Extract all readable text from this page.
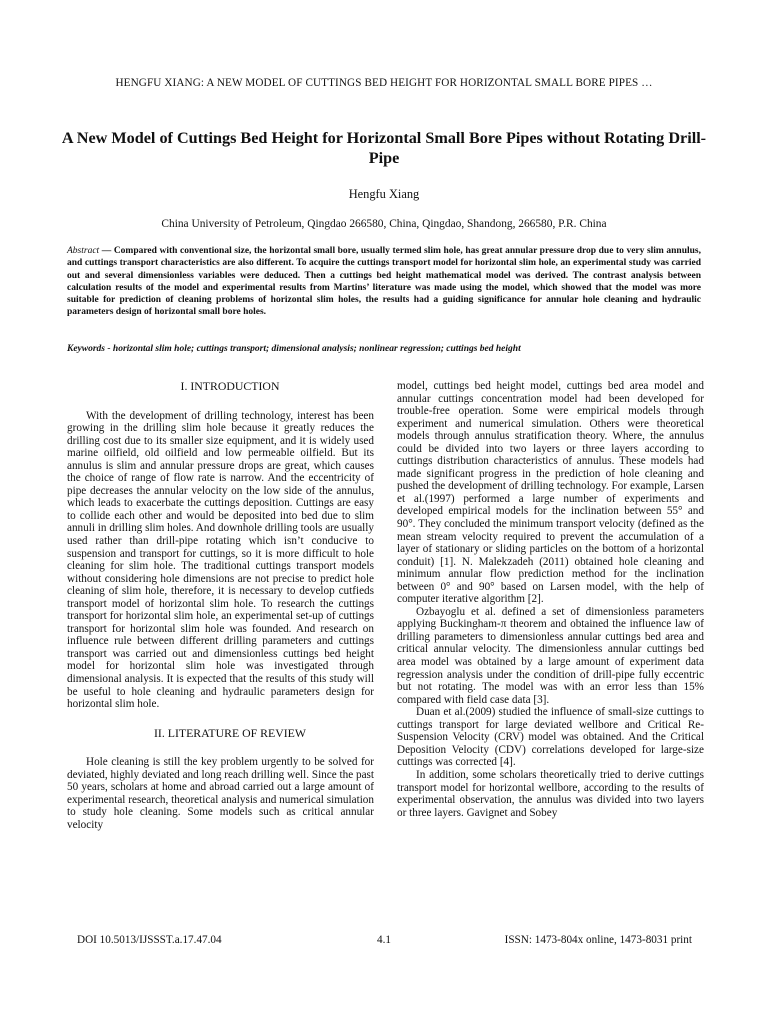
HENGFU XIANG: A NEW MODEL OF CUTTINGS BED HEIGHT FOR HORIZONTAL SMALL BORE PIPES …
A New Model of Cuttings Bed Height for Horizontal Small Bore Pipes without Rotating Drill-Pipe
Hengfu Xiang
China University of Petroleum, Qingdao 266580, China, Qingdao, Shandong, 266580, P.R. China
Abstract — Compared with conventional size, the horizontal small bore, usually termed slim hole, has great annular pressure drop due to very slim annulus, and cuttings transport characteristics are also different. To acquire the cuttings transport model for horizontal slim hole, an experimental study was carried out and several dimensionless variables were deduced. Then a cuttings bed height mathematical model was derived. The contrast analysis between calculation results of the model and experimental results from Martins’ literature was made using the model, which showed that the model was more suitable for prediction of cleaning problems of horizontal slim holes, the results had a guiding significance for annular hole cleaning and hydraulic parameters design of horizontal small bore holes.
Keywords - horizontal slim hole; cuttings transport; dimensional analysis; nonlinear regression; cuttings bed height

I. INTRODUCTION

With the development of drilling technology, interest has been growing in the drilling slim hole because it greatly reduces the drilling cost due to its smaller size equipment, and it is widely used marine oilfield, old oilfield and low permeable oilfield. But its annulus is slim and annular pressure drops are great, which causes the choice of range of flow rate is narrow. And the eccentricity of pipe decreases the annular velocity on the low side of the annulus, which leads to exacerbate the cuttings deposition. Cuttings are easy to collide each other and would be deposited into bed due to slim annuli in drilling slim holes. And downhole drilling tools are usually used rather than drill-pipe rotating which isn’t conducive to suspension and transport for cuttings, so it is more difficult to hole cleaning for slim hole. The traditional cuttings transport models without considering hole dimensions are not precise to predict hole cleaning of slim hole, therefore, it is necessary to develop cutfieds transport model of horizontal slim hole. To research the cuttings transport for horizontal slim hole, an experimental set-up of cuttings transport for horizontal slim hole was founded. And research on influence rule between different drilling parameters and cuttings transport was carried out and dimensionless cuttings bed height model for horizontal slim hole was investigated through dimensional analysis. It is expected that the results of this study will be useful to hole cleaning and hydraulic parameters design for horizontal slim hole.

II. LITERATURE OF REVIEW

Hole cleaning is still the key problem urgently to be solved for deviated, highly deviated and long reach drilling well. Since the past 50 years, scholars at home and abroad carried out a large amount of experimental research, theoretical analysis and numerical simulation to study hole cleaning. Some models such as critical annular velocity

model, cuttings bed height model, cuttings bed area model and annular cuttings concentration model had been developed for trouble-free operation. Some were empirical models through experiment and numerical simulation. Others were theoretical models through annulus stratification theory. Where, the annulus could be divided into two layers or three layers according to cuttings distribution characteristics of annulus. These models had made significant progress in the prediction of hole cleaning and pushed the development of drilling technology. For example, Larsen et al.(1997) performed a large number of experiments and developed empirical models for the inclination between 55° and 90°. They concluded the minimum transport velocity (defined as the mean stream velocity required to prevent the accumulation of a layer of stationary or sliding particles on the bottom of a horizontal conduit) [1]. N. Malekzadeh (2011) obtained hole cleaning and minimum annular flow prediction method for the inclination between 0° and 90° based on Larsen model, with the help of computer iterative algorithm [2].

Ozbayoglu et al. defined a set of dimensionless parameters applying Buckingham-π theorem and obtained the influence law of drilling parameters to dimensionless annular cuttings bed area and critical annular velocity. The dimensionless annular cuttings bed area model was obtained by a large amount of experiment data regression analysis under the condition of drill-pipe fully eccentric but not rotating. The model was with an error less than 15% compared with field case data [3].

Duan et al.(2009) studied the influence of small-size cuttings to cuttings transport for large deviated wellbore and Critical Re-Suspension Velocity (CRV) model was obtained. And the Critical Deposition Velocity (CDV) correlations developed for large-size cuttings was corrected [4].

In addition, some scholars theoretically tried to derive cuttings transport model for horizontal wellbore, according to the results of experimental observation, the annulus was divided into two layers or three layers. Gavignet and Sobey

DOI 10.5013/IJSSST.a.17.47.04	4.1	ISSN: 1473-804x online, 1473-8031 print
